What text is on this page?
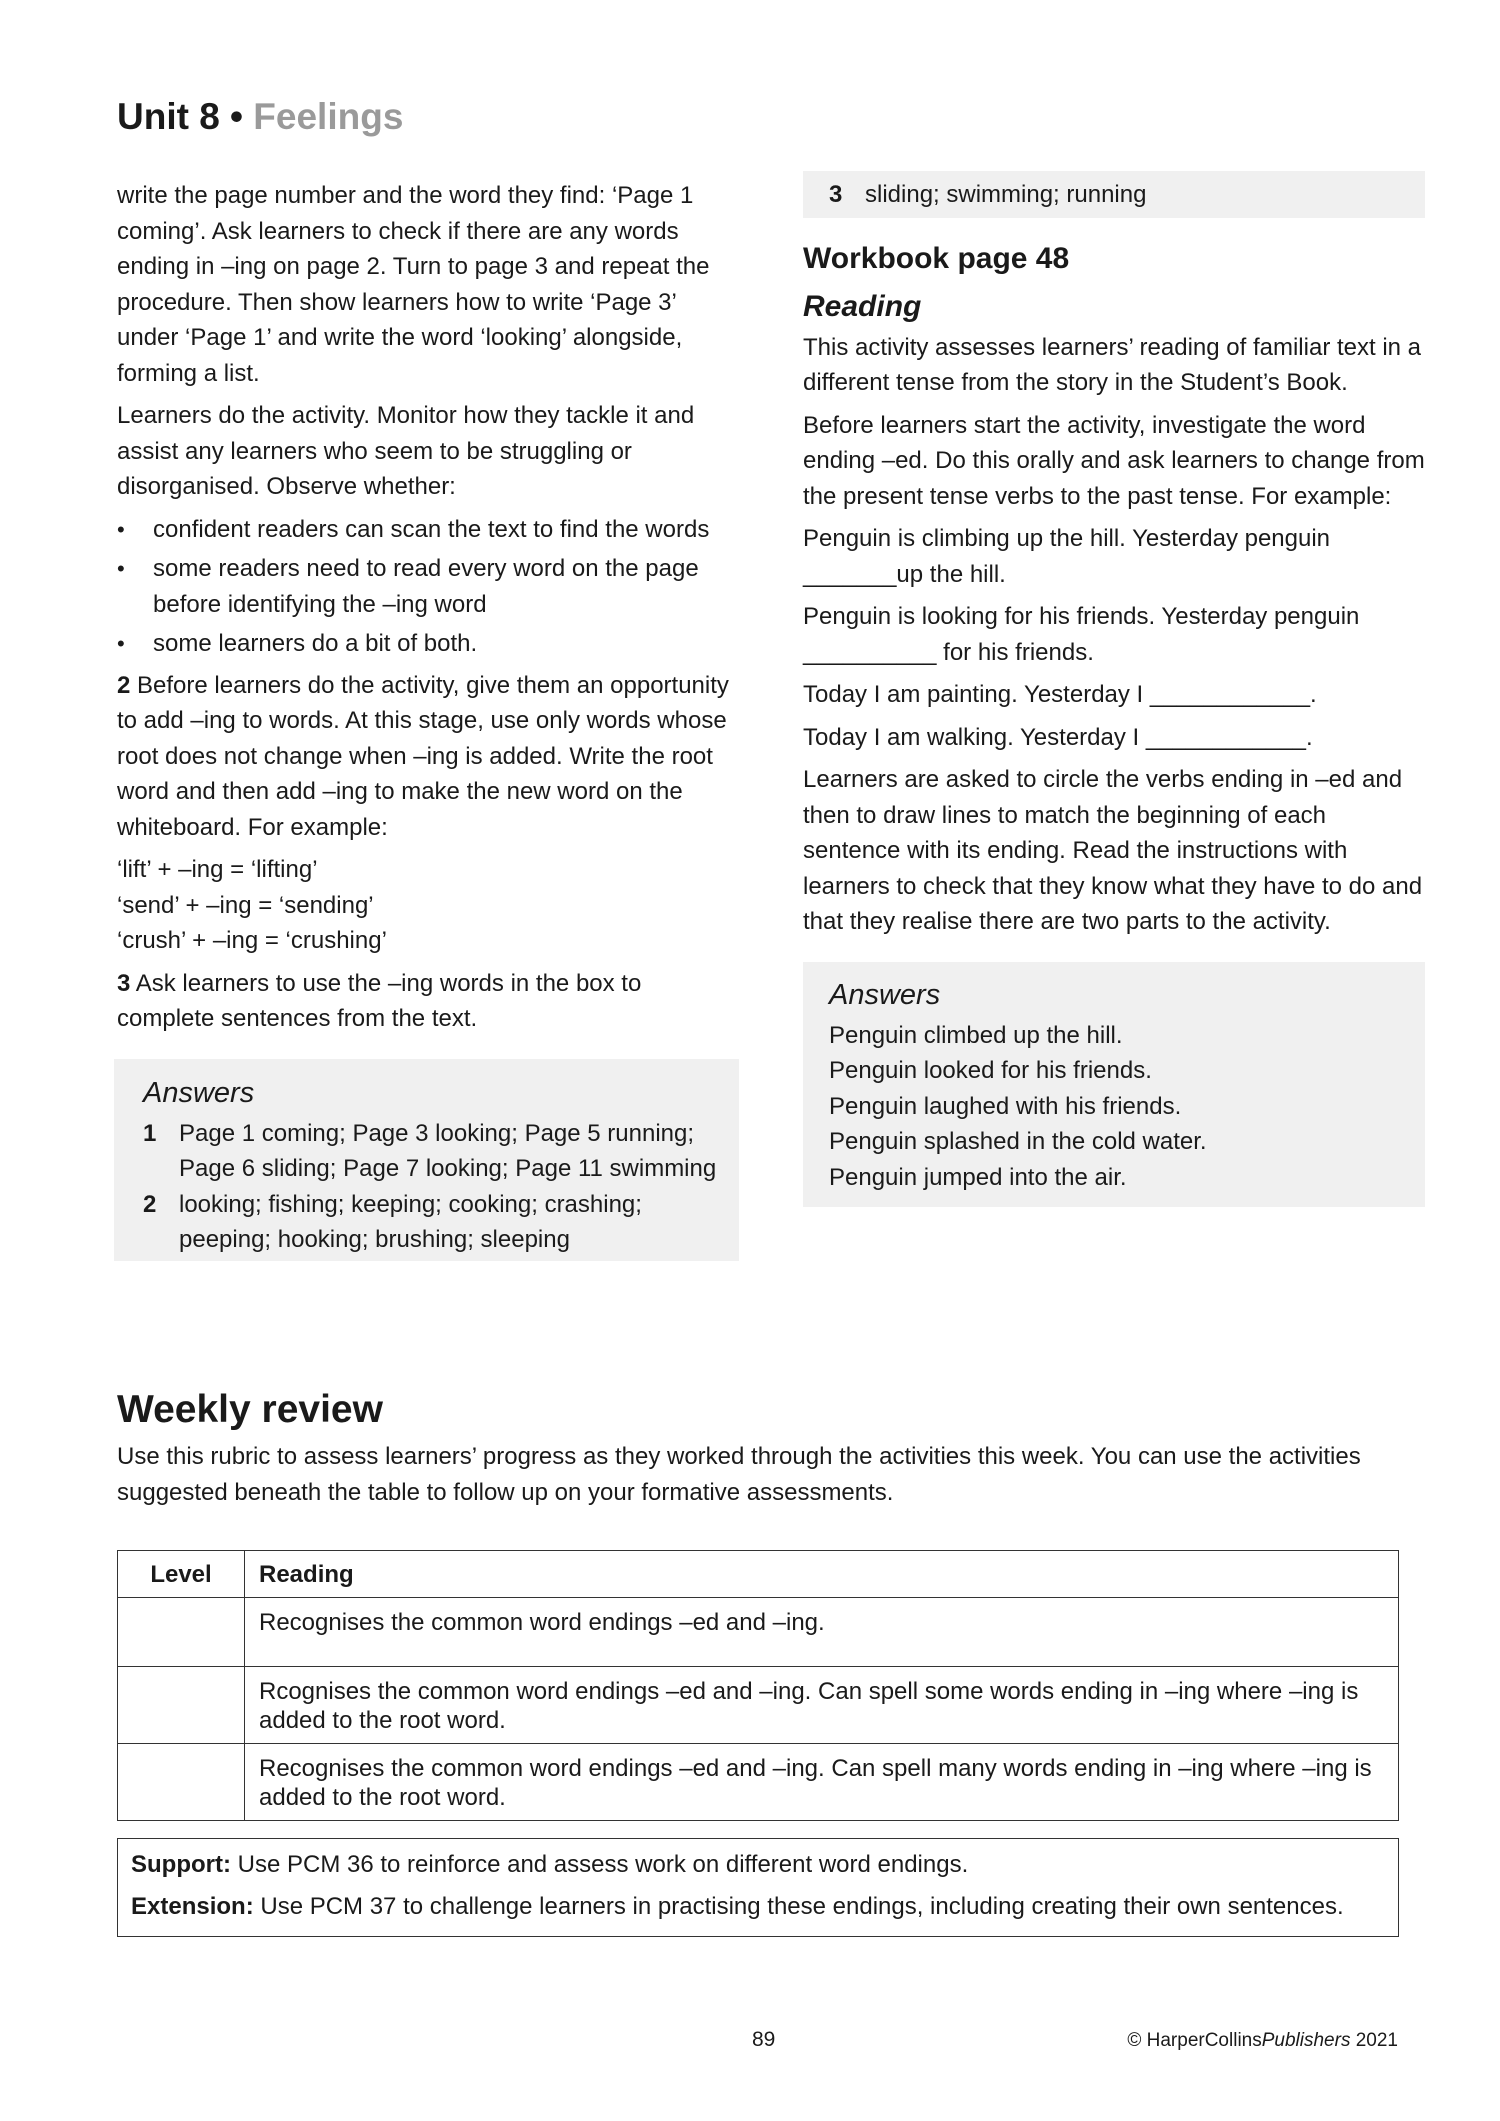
Unit 8 • Feelings

write the page number and the word they find: ‘Page 1 coming’. Ask learners to check if there are any words ending in –ing on page 2. Turn to page 3 and repeat the procedure. Then show learners how to write ‘Page 3’ under ‘Page 1’ and write the word ‘looking’ alongside, forming a list.

Learners do the activity. Monitor how they tackle it and assist any learners who seem to be struggling or disorganised. Observe whether:

• confident readers can scan the text to find the words
• some readers need to read every word on the page before identifying the –ing word
• some learners do a bit of both.

2 Before learners do the activity, give them an opportunity to add –ing to words. At this stage, use only words whose root does not change when –ing is added. Write the root word and then add –ing to make the new word on the whiteboard. For example:

‘lift’ + –ing = ‘lifting’
‘send’ + –ing = ‘sending’
‘crush’ + –ing = ‘crushing’

3 Ask learners to use the –ing words in the box to complete sentences from the text.

Answers
1 Page 1 coming; Page 3 looking; Page 5 running; Page 6 sliding; Page 7 looking; Page 11 swimming
2 looking; fishing; keeping; cooking; crashing; peeping; hooking; brushing; sleeping
3 sliding; swimming; running
Workbook page 48
Reading

This activity assesses learners’ reading of familiar text in a different tense from the story in the Student’s Book.

Before learners start the activity, investigate the word ending –ed. Do this orally and ask learners to change from the present tense verbs to the past tense. For example:

Penguin is climbing up the hill. Yesterday penguin _______up the hill.

Penguin is looking for his friends. Yesterday penguin __________ for his friends.

Today I am painting. Yesterday I ____________.

Today I am walking. Yesterday I ____________.

Learners are asked to circle the verbs ending in –ed and then to draw lines to match the beginning of each sentence with its ending. Read the instructions with learners to check that they know what they have to do and that they realise there are two parts to the activity.

Answers
Penguin climbed up the hill.
Penguin looked for his friends.
Penguin laughed with his friends.
Penguin splashed in the cold water.
Penguin jumped into the air.
Weekly review
Use this rubric to assess learners’ progress as they worked through the activities this week. You can use the activities suggested beneath the table to follow up on your formative assessments.
Level	Reading
	Recognises the common word endings –ed and –ing.
	Rcognises the common word endings –ed and –ing. Can spell some words ending in –ing where –ing is added to the root word.
	Recognises the common word endings –ed and –ing. Can spell many words ending in –ing where –ing is added to the root word.

Support: Use PCM 36 to reinforce and assess work on different word endings.

Extension: Use PCM 37 to challenge learners in practising these endings, including creating their own sentences.

89	© HarperCollinsPublishers 2021
